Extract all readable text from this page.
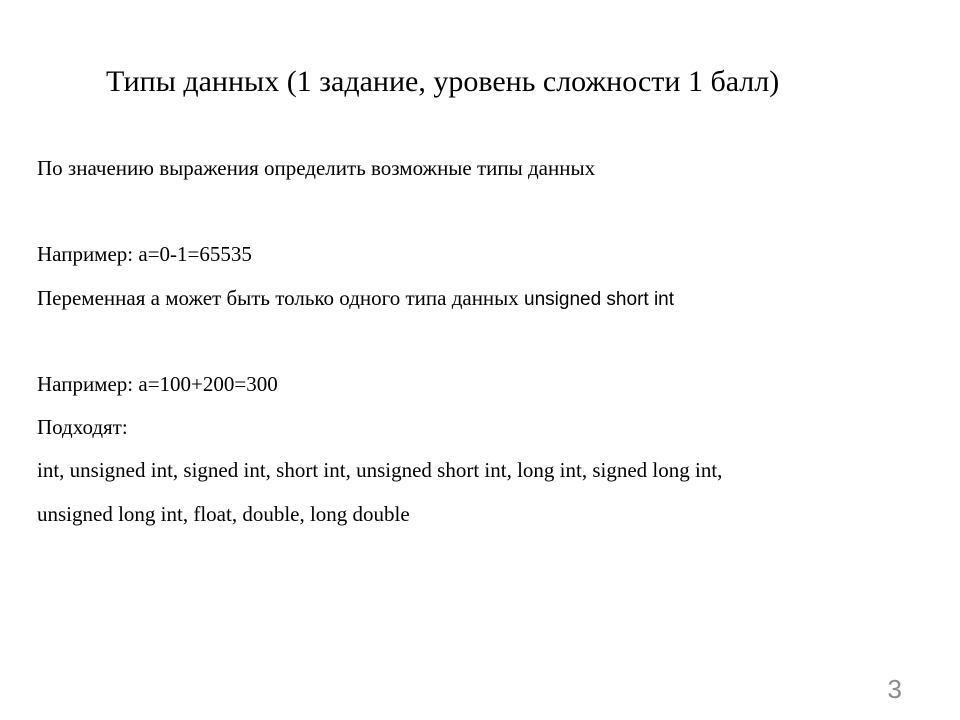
Типы данных (1 задание, уровень сложности 1 балл)
По значению выражения определить возможные типы данных
Например: a=0-1=65535
Переменная a может быть только одного типа данных unsigned short int
Например: a=100+200=300
Подходят:
int, unsigned int, signed int, short int, unsigned short int, long int, signed long int,
unsigned long int, float, double, long double
3
